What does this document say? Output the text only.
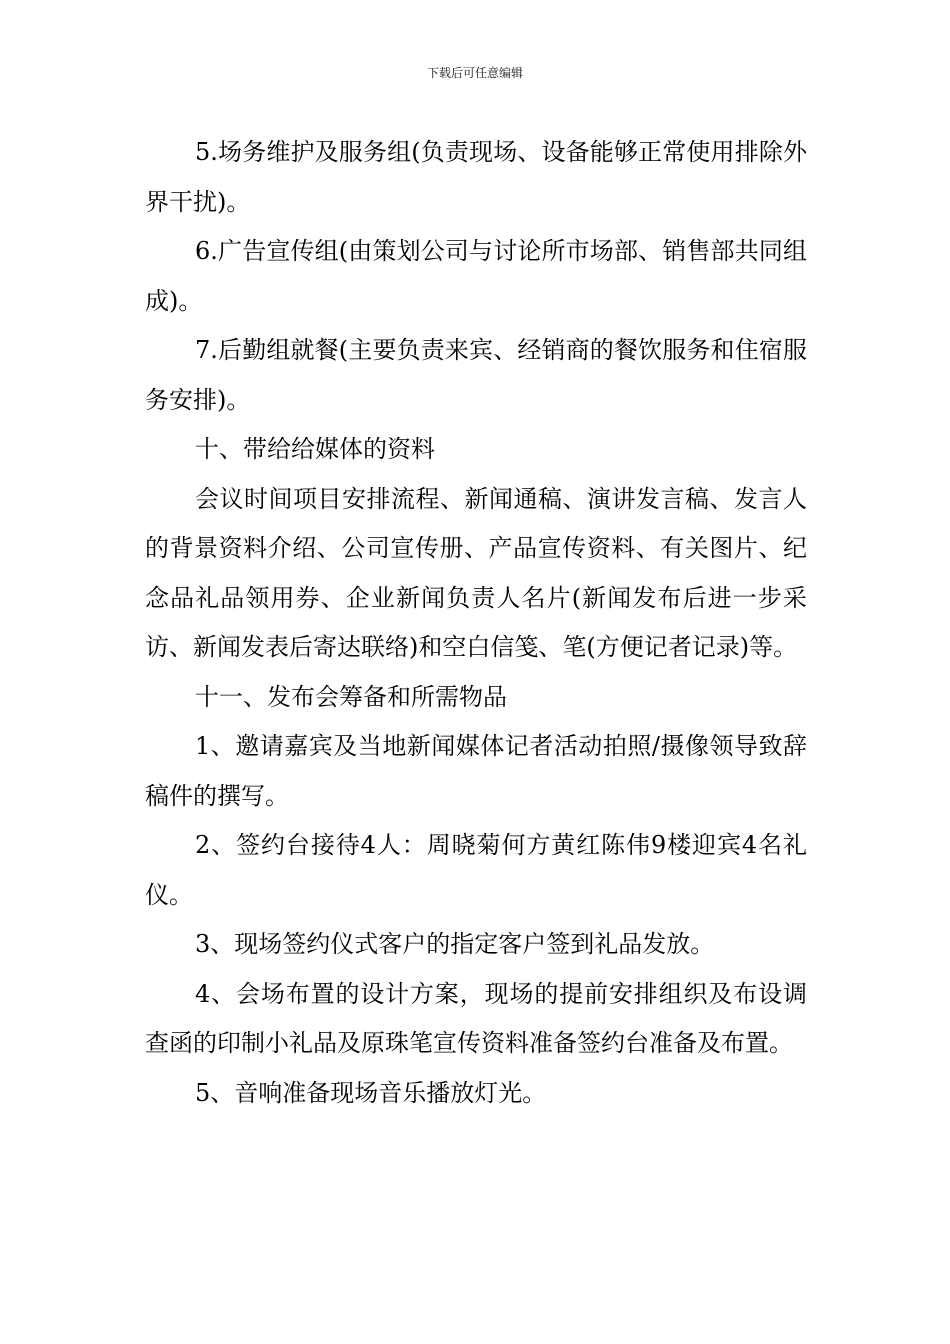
下载后可任意编辑

5.场务维护及服务组(负责现场、设备能够正常使用排除外界干扰)。

6.广告宣传组(由策划公司与讨论所市场部、销售部共同组成)。

7.后勤组就餐(主要负责来宾、经销商的餐饮服务和住宿服务安排)。

十、带给给媒体的资料

会议时间项目安排流程、新闻通稿、演讲发言稿、发言人的背景资料介绍、公司宣传册、产品宣传资料、有关图片、纪念品礼品领用券、企业新闻负责人名片(新闻发布后进一步采访、新闻发表后寄达联络)和空白信笺、笔(方便记者记录)等。

十一、发布会筹备和所需物品

1、邀请嘉宾及当地新闻媒体记者活动拍照/摄像领导致辞稿件的撰写。

2、签约台接待4人：周晓菊何方黄红陈伟9楼迎宾4名礼仪。

3、现场签约仪式客户的指定客户签到礼品发放。

4、会场布置的设计方案，现场的提前安排组织及布设调查函的印制小礼品及原珠笔宣传资料准备签约台准备及布置。

5、音响准备现场音乐播放灯光。
